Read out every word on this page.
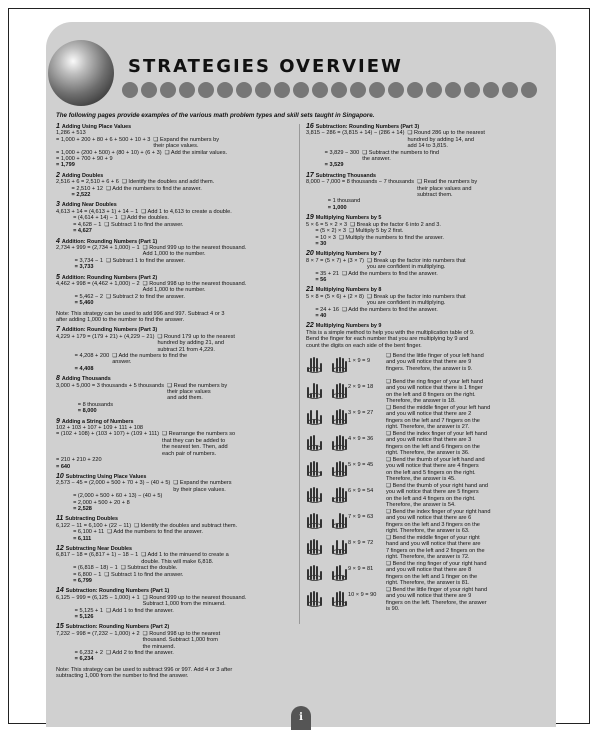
STRATEGIES OVERVIEW
The following pages provide examples of the various math problem types and skill sets taught in Singapore.
1 Adding Using Place Values
1,286 + 513
= 1,000 + 200 + 80 + 6 + 500 + 10 + 3 ❑ Expand the numbers by
their place values.
= 1,000 + (200 + 500) + (80 + 10) + (6 + 3) ❑ Add the similar values.
= 1,000 + 700 + 90 + 9
= 1,799
2 Adding Doubles
2,516 + 6 = 2,510 + 6 + 6 ❑ Identify the doubles and add them.
= 2,510 + 12 ❑ Add the numbers to find the answer.
= 2,522
3 Adding Near Doubles
4,613 + 14 = (4,613 + 1) + 14 − 1 ❑ Add 1 to 4,613 to create a double.
= (4,614 + 14) − 1 ❑ Add the doubles.
= 4,628 − 1 ❑ Subtract 1 to find the answer.
= 4,627
4 Addition: Rounding Numbers (Part 1)
2,734 + 999 = (2,734 + 1,000) − 1 ❑ Round 999 up to the nearest thousand.
Add 1,000 to the number.
= 3,734 − 1 ❑ Subtract 1 to find the answer.
= 3,733
5 Addition: Rounding Numbers (Part 2)
4,462 + 998 = (4,462 + 1,000) − 2 ❑ Round 998 up to the nearest thousand.
Add 1,000 to the number.
= 5,462 − 2 ❑ Subtract 2 to find the answer.
= 5,460
Note: This strategy can be used to add 996 and 997. Subtract 4 or 3
after adding 1,000 to the number to find the answer.
7 Addition: Rounding Numbers (Part 3)
4,229 + 179 = (179 + 21) + (4,229 − 21) ❑ Round 179 up to the nearest
hundred by adding 21, and
subtract 21 from 4,229.
= 4,208 + 200 ❑ Add the numbers to find the
answer.
= 4,408
8 Adding Thousands
3,000 + 5,000 = 3 thousands + 5 thousands ❑ Read the numbers by
their place values
and add them.
= 8 thousands
= 8,000
9 Adding a String of Numbers
102 + 103 + 107 + 109 + 111 + 108
= (102 + 108) + (103 + 107) + (109 + 111) ❑ Rearrange the numbers so
that they can be added to
the nearest ten. Then, add
each pair of numbers.
= 210 + 210 + 220
= 640
10 Subtracting Using Place Values
2,573 − 45 = (2,000 + 500 + 70 + 3) − (40 + 5) ❑ Expand the numbers
by their place values.
= (2,000 + 500 + 60 + 13) − (40 + 5)
= 2,000 + 500 + 20 + 8
= 2,528
11 Subtracting Doubles
6,122 − 11 = 6,100 + (22 − 11) ❑ Identify the doubles and subtract them.
= 6,100 + 11 ❑ Add the numbers to find the answer.
= 6,111
12 Subtracting Near Doubles
6,817 − 18 = (6,817 + 1) − 18 − 1 ❑ Add 1 to the minuend to create a
double. This will make 6,818.
= (6,818 − 18) − 1 ❑ Subtract the double.
= 6,800 − 1 ❑ Subtract 1 to find the answer.
= 6,799
14 Subtraction: Rounding Numbers (Part 1)
6,125 − 999 = (6,125 − 1,000) + 1 ❑ Round 999 up to the nearest thousand.
Subtract 1,000 from the minuend.
= 5,125 + 1 ❑ Add 1 to find the answer.
= 5,126
15 Subtraction: Rounding Numbers (Part 2)
7,232 − 998 = (7,232 − 1,000) + 2 ❑ Round 998 up to the nearest
thousand. Subtract 1,000 from
the minuend.
= 6,232 + 2 ❑ Add 2 to find the answer.
= 6,234
Note: This strategy can be used to subtract 996 or 997. Add 4 or 3 after
subtracting 1,000 from the number to find the answer.
16 Subtraction: Rounding Numbers (Part 3)
3,815 − 286 = (3,815 + 14) − (286 + 14) ❑ Round 286 up to the nearest
hundred by adding 14, and
add 14 to 3,815.
= 3,829 − 300 ❑ Subtract the numbers to find
the answer.
= 3,529
17 Subtracting Thousands
8,000 − 7,000 = 8 thousands − 7 thousands ❑ Read the numbers by
their place values and
subtract them.
= 1 thousand
= 1,000
19 Multiplying Numbers by 5
5 × 6 = 5 × 2 × 3 ❑ Break up the factor 6 into 2 and 3.
= (5 × 2) × 3 ❑ Multiply 5 by 2 first.
= 10 × 3 ❑ Multiply the numbers to find the answer.
= 30
20 Multiplying Numbers by 7
8 × 7 = (5 × 7) + (3 × 7) ❑ Break up the factor into numbers that
you are confident in multiplying.
= 35 + 21 ❑ Add the numbers to find the answer.
= 56
21 Multiplying Numbers by 8
5 × 8 = (5 × 6) + (2 × 8) ❑ Break up the factor into numbers that
you are confident in multiplying.
= 24 + 16 ❑ Add the numbers to find the answer.
= 40
22 Multiplying Numbers by 9
This is a simple method to help you with the multiplication table of 9.
Bend the finger for each number that you are multiplying by 9 and
count the digits on each side of the bent finger.
1 × 9 = 9
❑ Bend the little finger of your left hand
and you will notice that there are 9
fingers. Therefore, the answer is 9.
2 × 9 = 18
❑ Bend the ring finger of your left hand
and you will notice that there is 1 finger
on the left and 8 fingers on the right.
Therefore, the answer is 18.
3 × 9 = 27
❑ Bend the middle finger of your left hand
and you will notice that there are 2
fingers on the left and 7 fingers on the
right. Therefore, the answer is 27.
4 × 9 = 36
❑ Bend the index finger of your left hand
and you will notice that there are 3
fingers on the left and 6 fingers on the
right. Therefore, the answer is 36.
5 × 9 = 45
❑ Bend the thumb of your left hand and
you will notice that there are 4 fingers
on the left and 5 fingers on the right.
Therefore, the answer is 45.
6 × 9 = 54
❑ Bend the thumb of your right hand and
you will notice that there are 5 fingers
on the left and 4 fingers on the right.
Therefore, the answer is 54.
7 × 9 = 63
❑ Bend the index finger of your right hand
and you will notice that there are 6
fingers on the left and 3 fingers on the
right. Therefore, the answer is 63.
8 × 9 = 72
❑ Bend the middle finger of your right
hand and you will notice that there are
7 fingers on the left and 2 fingers on the
right. Therefore, the answer is 72.
9 × 9 = 81
❑ Bend the ring finger of your right hand
and you will notice that there are 8
fingers on the left and 1 finger on the
right. Therefore, the answer is 81.
10 × 9 = 90
❑ Bend the little finger of your right hand
and you will notice that there are 9
fingers on the left. Therefore, the answer
is 90.
i
